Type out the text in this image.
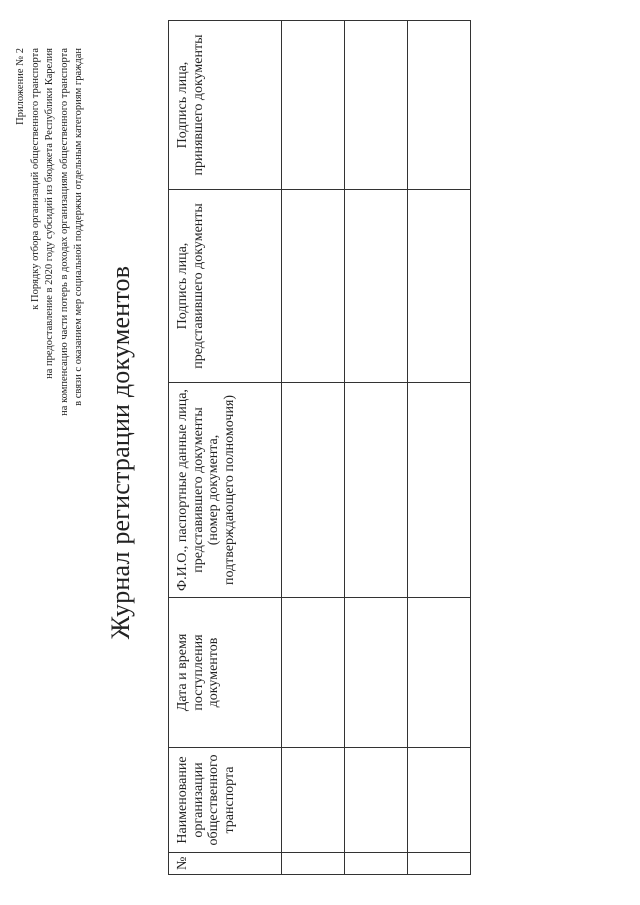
Приложение № 2 к Порядку отбора организаций общественного транспорта на предоставление в 2020 году субсидий из бюджета Республики Карелия на компенсацию части потерь в доходах организациям общественного транспорта в связи с оказанием мер социальной поддержки отдельным категориям граждан
Журнал регистрации документов
№	Наименование организации общественного транспорта	Дата и время поступления документов	Ф.И.О., паспортные данные лица, представившего документы (номер документа, подтверждающего полномочия)	Подпись лица, представившего документы	Подпись лица, принявшего документы
